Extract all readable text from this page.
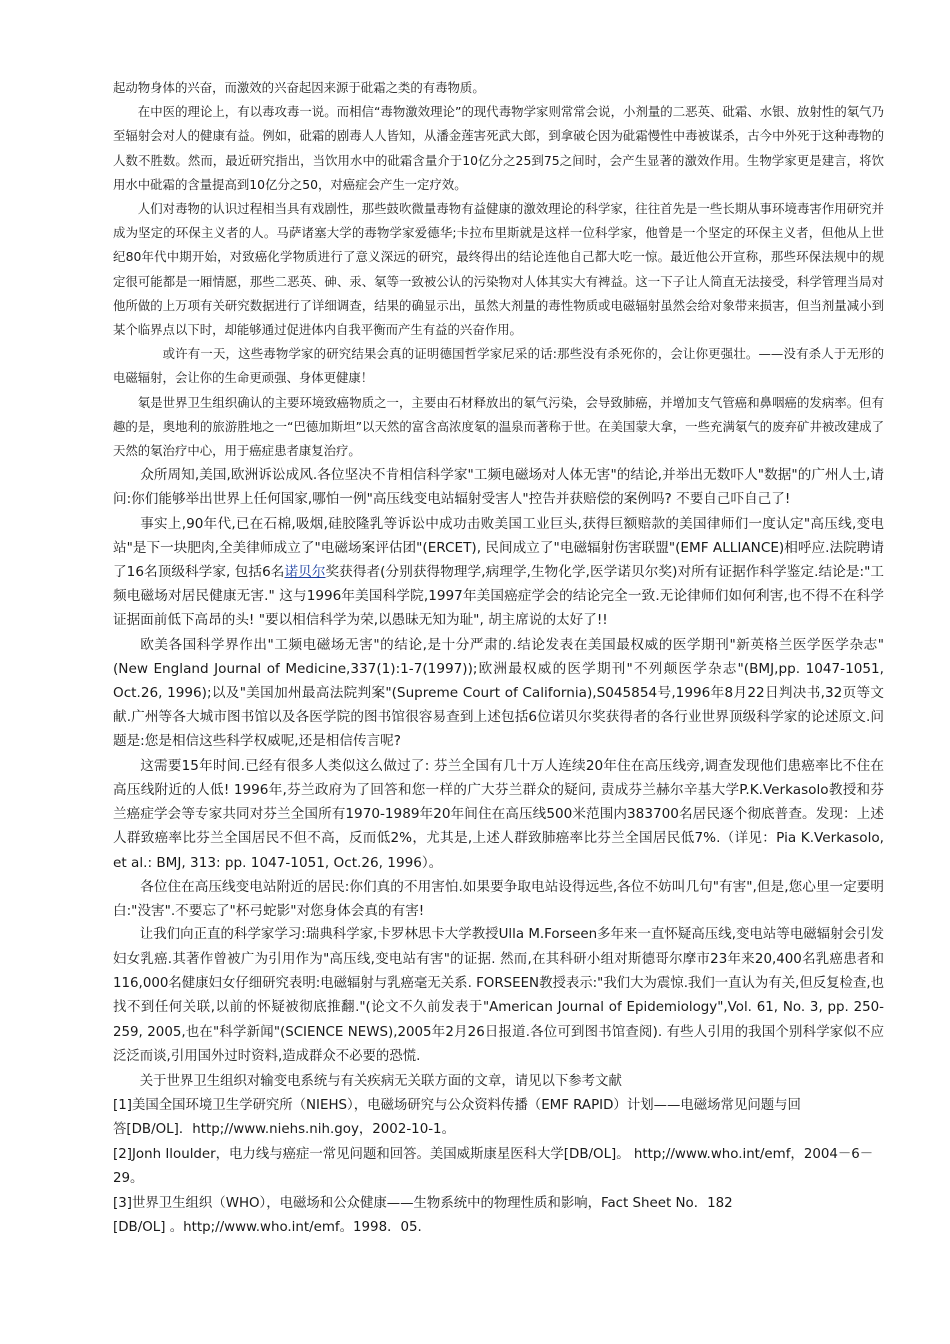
起动物身体的兴奋，而激效的兴奋起因来源于砒霜之类的有毒物质。

在中医的理论上，有以毒攻毒一说。而相信“毒物激效理论”的现代毒物学家则常常会说，小剂量的二恶英、砒霜、水银、放射性的氡气乃至辐射会对人的健康有益。例如，砒霜的剧毒人人皆知，从潘金莲害死武大郎，到拿破仑因为砒霜慢性中毒被谋杀，古今中外死于这种毒物的人数不胜数。然而，最近研究指出，当饮用水中的砒霜含量介于10亿分之25到75之间时，会产生显著的激效作用。生物学家更是建言，将饮用水中砒霜的含量提高到10亿分之50，对癌症会产生一定疗效。

人们对毒物的认识过程相当具有戏剧性，那些鼓吹微量毒物有益健康的激效理论的科学家，往往首先是一些长期从事环境毒害作用研究并成为坚定的环保主义者的人。马萨诸塞大学的毒物学家爱德华;卡拉布里斯就是这样一位科学家，他曾是一个坚定的环保主义者，但他从上世纪80年代中期开始，对致癌化学物质进行了意义深远的研究，最终得出的结论连他自己都大吃一惊。最近他公开宣称，那些环保法规中的规定很可能都是一厢情愿，那些二恶英、砷、汞、氡等一致被公认的污染物对人体其实大有裨益。这一下子让人简直无法接受，科学管理当局对他所做的上万项有关研究数据进行了详细调查，结果的确显示出，虽然大剂量的毒性物质或电磁辐射虽然会给对象带来损害，但当剂量减小到某个临界点以下时，却能够通过促进体内自我平衡而产生有益的兴奋作用。

或许有一天，这些毒物学家的研究结果会真的证明德国哲学家尼采的话:那些没有杀死你的，会让你更强壮。——没有杀人于无形的电磁辐射，会让你的生命更顽强、身体更健康！

氡是世界卫生组织确认的主要环境致癌物质之一，主要由石材释放出的氡气污染，会导致肺癌，并增加支气管癌和鼻咽癌的发病率。但有趣的是，奥地利的旅游胜地之一“巴德加斯坦”以天然的富含高浓度氡的温泉而著称于世。在美国蒙大拿，一些充满氡气的废弃矿井被改建成了天然的氡治疗中心，用于癌症患者康复治疗。

众所周知,美国,欧洲诉讼成风.各位坚决不肯相信科学家"工频电磁场对人体无害"的结论,并举出无数吓人"数据"的广州人士,请问:你们能够举出世界上任何国家,哪怕一例"高压线变电站辐射受害人"控告并获赔偿的案例吗? 不要自己吓自己了!

事实上,90年代,已在石棉,吸烟,硅胶隆乳等诉讼中成功击败美国工业巨头,获得巨额赔款的美国律师们一度认定"高压线,变电站"是下一块肥肉,全美律师成立了"电磁场案评估团"(ERCET), 民间成立了"电磁辐射伤害联盟"(EMF ALLIANCE)相呼应.法院聘请了16名顶级科学家, 包括6名诺贝尔奖获得者(分别获得物理学,病理学,生物化学,医学诺贝尔奖)对所有证据作科学鉴定.结论是:"工频电磁场对居民健康无害." 这与1996年美国科学院,1997年美国癌症学会的结论完全一致.无论律师们如何利害,也不得不在科学证据面前低下高昂的头! "要以相信科学为荣,以愚昧无知为耻", 胡主席说的太好了!!

欧美各国科学界作出"工频电磁场无害"的结论,是十分严肃的.结论发表在美国最权威的医学期刊"新英格兰医学医学杂志"(New England Journal of Medicine,337(1):1-7(1997));欧洲最权威的医学期刊"不列颠医学杂志"(BMJ,pp. 1047-1051, Oct.26, 1996);以及"美国加州最高法院判案"(Supreme Court of California),S045854号,1996年8月22日判决书,32页等文献.广州等各大城市图书馆以及各医学院的图书馆很容易查到上述包括6位诺贝尔奖获得者的各行业世界顶级科学家的论述原文.问题是:您是相信这些科学权威呢,还是相信传言呢?

这需要15年时间.已经有很多人类似这么做过了: 芬兰全国有几十万人连续20年住在高压线旁,调查发现他们患癌率比不住在高压线附近的人低! 1996年,芬兰政府为了回答和您一样的广大芬兰群众的疑问, 责成芬兰赫尔辛基大学P.K.Verkasolo教授和芬兰癌症学会等专家共同对芬兰全国所有1970-1989年20年间住在高压线500米范围内383700名居民逐个彻底普查。发现：上述人群致癌率比芬兰全国居民不但不高，反而低2%，尤其是,上述人群致肺癌率比芬兰全国居民低7%.（详见：Pia K.Verkasolo, et al.: BMJ, 313: pp. 1047-1051, Oct.26, 1996）。

各位住在高压线变电站附近的居民:你们真的不用害怕.如果要争取电站设得远些,各位不妨叫几句"有害",但是,您心里一定要明白:"没害".不要忘了"杯弓蛇影"对您身体会真的有害!

让我们向正直的科学家学习:瑞典科学家,卡罗林思卡大学教授Ulla M.Forseen多年来一直怀疑高压线,变电站等电磁辐射会引发妇女乳癌.其著作曾被广为引用作为"高压线,变电站有害"的证据. 然而,在其科研小组对斯德哥尔摩市23年来20,400名乳癌患者和116,000名健康妇女仔细研究表明:电磁辐射与乳癌毫无关系. FORSEEN教授表示:"我们大为震惊.我们一直认为有关,但反复检查,也找不到任何关联,以前的怀疑被彻底推翻."(论文不久前发表于"American Journal of Epidemiology",Vol. 61, No. 3, pp. 250-259, 2005,也在"科学新闻"(SCIENCE NEWS),2005年2月26日报道.各位可到图书馆查阅). 有些人引用的我国个别科学家似不应泛泛而谈,引用国外过时资料,造成群众不必要的恐慌.

关于世界卫生组织对输变电系统与有关疾病无关联方面的文章，请见以下参考文献

[1]美国全国环境卫生学研究所（NIEHS），电磁场研究与公众资料传播（EMF RAPID）计划——电磁场常见问题与回

答[DB/OL]．http;//www.niehs.nih.goy，2002-10-1。

[2]Jonh Iloulder，电力线与癌症一常见问题和回答。美国威斯康星医科大学[DB/OL]。 http;//www.who.int/emf，2004－6－

29。

[3]世界卫生组织（WHO），电磁场和公众健康——生物系统中的物理性质和影响，Fact Sheet No．182

[DB/OL] 。http;//www.who.int/emf。1998．05.
